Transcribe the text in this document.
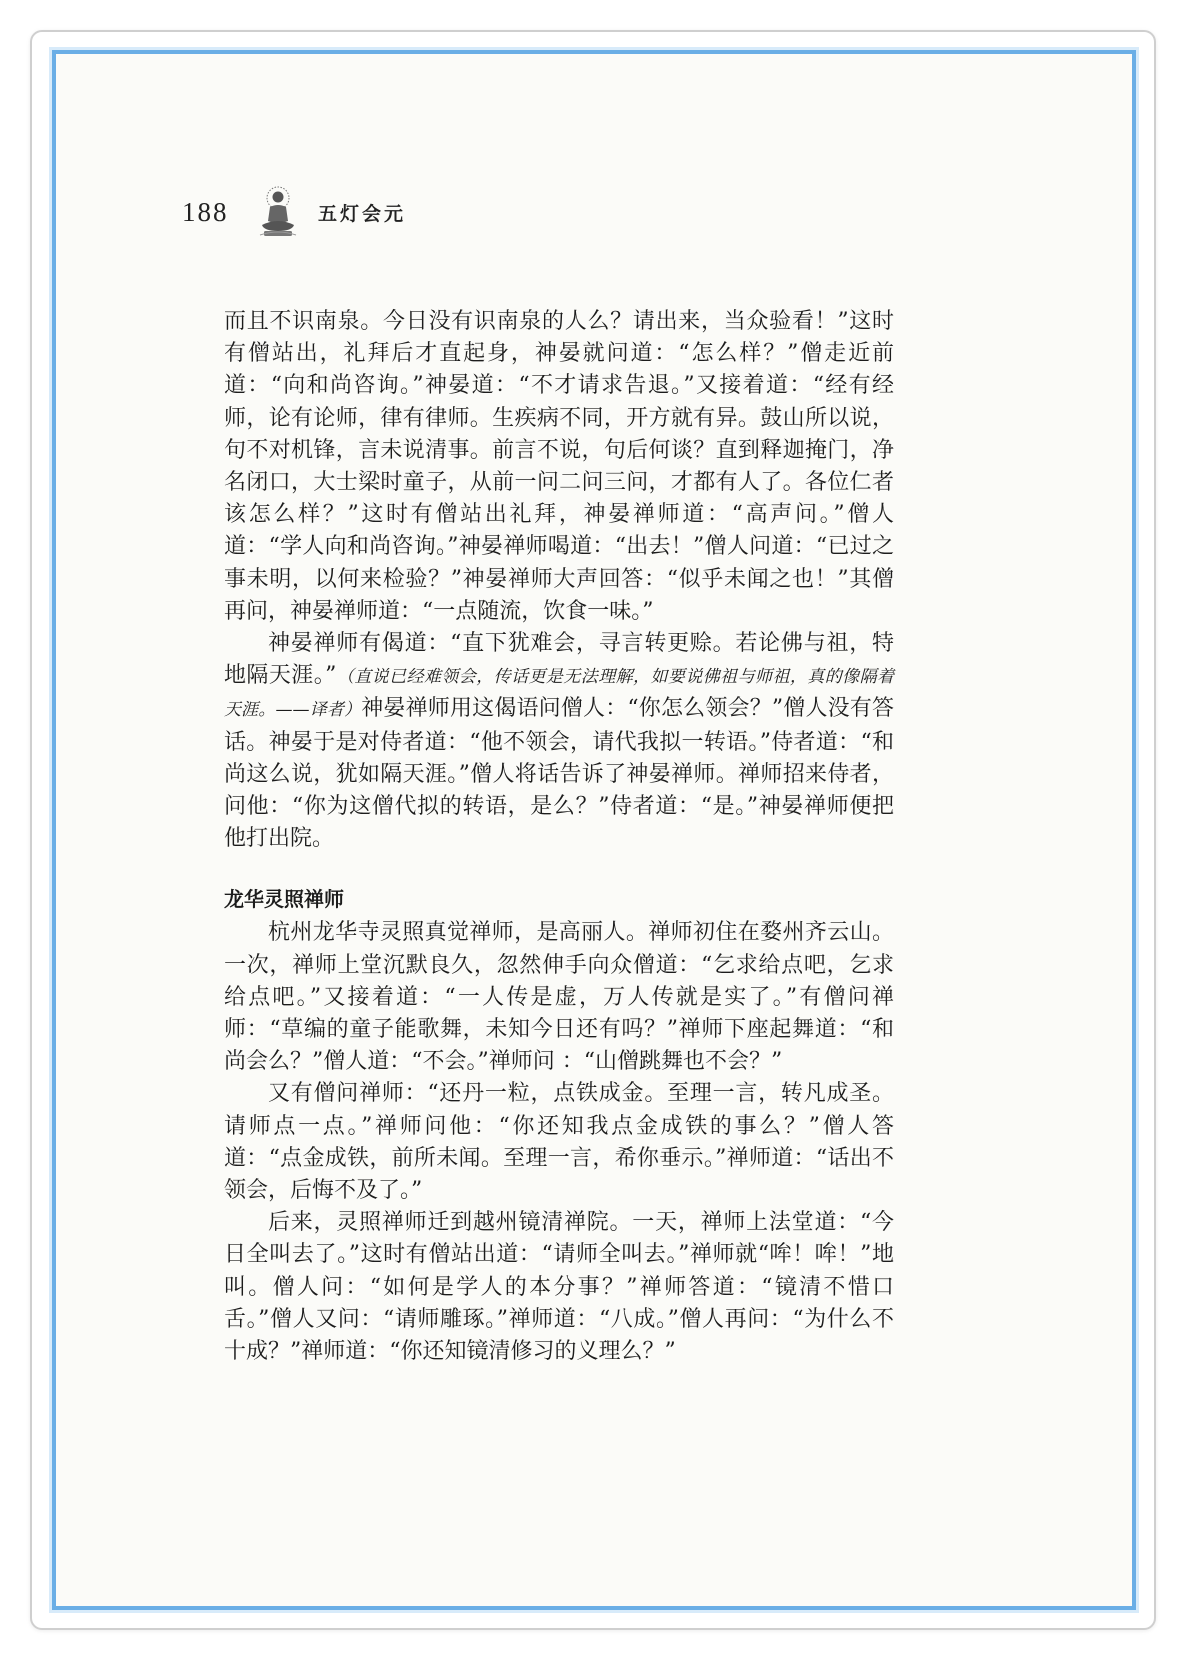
188	五灯会元

而且不识南泉。今日没有识南泉的人么？请出来，当众验看！”这时有僧站出，礼拜后才直起身，神晏就问道：“怎么样？”僧走近前道：“向和尚咨询。”神晏道：“不才请求告退。”又接着道：“经有经师，论有论师，律有律师。生疾病不同，开方就有异。鼓山所以说，句不对机锋，言未说清事。前言不说，句后何谈？直到释迦掩门，净名闭口，大士梁时童子，从前一问二问三问，才都有人了。各位仁者该怎么样？”这时有僧站出礼拜，神晏禅师道：“高声问。”僧人道：“学人向和尚咨询。”神晏禅师喝道：“出去！”僧人问道：“已过之事未明，以何来检验？”神晏禅师大声回答：“似乎未闻之也！”其僧再问，神晏禅师道：“一点随流，饮食一味。”

神晏禅师有偈道：“直下犹难会，寻言转更赊。若论佛与祖，特地隔天涯。”（直说已经难领会，传话更是无法理解，如要说佛祖与师祖，真的像隔着天涯。——译者）神晏禅师用这偈语问僧人：“你怎么领会？”僧人没有答话。神晏于是对侍者道：“他不领会，请代我拟一转语。”侍者道：“和尚这么说，犹如隔天涯。”僧人将话告诉了神晏禅师。禅师招来侍者，问他：“你为这僧代拟的转语，是么？”侍者道：“是。”神晏禅师便把他打出院。

龙华灵照禅师

杭州龙华寺灵照真觉禅师，是高丽人。禅师初住在婺州齐云山。一次，禅师上堂沉默良久，忽然伸手向众僧道：“乞求给点吧，乞求给点吧。”又接着道：“一人传是虚，万人传就是实了。”有僧问禅师：“草编的童子能歌舞，未知今日还有吗？”禅师下座起舞道：“和尚会么？”僧人道：“不会。”禅师问 ：“山僧跳舞也不会？”

又有僧问禅师：“还丹一粒，点铁成金。至理一言，转凡成圣。请师点一点。”禅师问他：“你还知我点金成铁的事么？”僧人答道：“点金成铁，前所未闻。至理一言，希你垂示。”禅师道：“话出不领会，后悔不及了。”

后来，灵照禅师迁到越州镜清禅院。一天，禅师上法堂道：“今日全叫去了。”这时有僧站出道：“请师全叫去。”禅师就“哞！哞！”地叫。僧人问：“如何是学人的本分事？”禅师答道：“镜清不惜口舌。”僧人又问：“请师雕琢。”禅师道：“八成。”僧人再问：“为什么不十成？”禅师道：“你还知镜清修习的义理么？”
